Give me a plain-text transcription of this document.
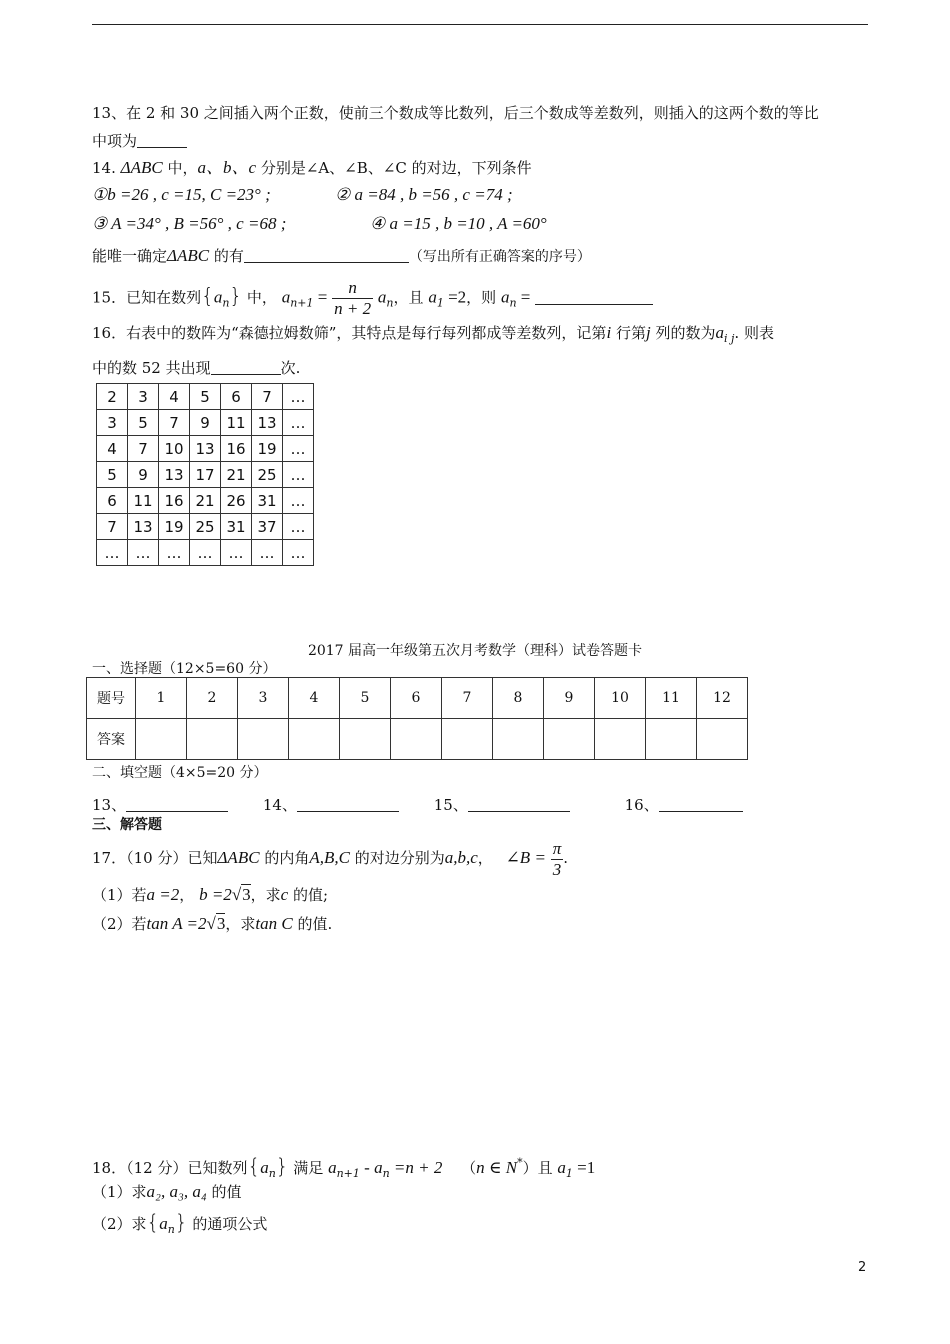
13、在 2 和 30 之间插入两个正数，使前三个数成等比数列，后三个数成等差数列，则插入的这两个数的等比
中项为
14. ΔABC 中，a、b、c 分别是∠A、∠B、∠C 的对边，下列条件
①b =26 , c =15, C =23° ;	② a =84 , b =56 , c =74 ;
③ A =34° , B =56° , c =68 ;	④ a =15 , b =10 , A =60°
能唯一确定ΔABC 的有	（写出所有正确答案的序号）
15．已知在数列$\{a_n\}$ 中， $a_{n+1} = \frac{n}{n + 2} a_n$，且 $a_1 =2$，则 $a_n$ =
16．右表中的数阵为“森德拉姆数筛”，其特点是每行每列都成等差数列，记第i 行第j 列的数为$a_{i j}$. 则表
中的数 52 共出现	次.
2	3	4	5	6	7	…
3	5	7	9	11	13	…
4	7	10	13	16	19	…
5	9	13	17	21	25	…
6	11	16	21	26	31	…
7	13	19	25	31	37	…
…	…	…	…	…	…	…
2017 届高一年级第五次月考数学（理科）试卷答题卡
一、选择题（12×5=60 分）
题号	1	2	3	4	5	6	7	8	9	10	11	12
答案												
二、填空题（4×5=20 分）
13、	14、	15、	16、
三、解答题
17．（10 分）已知ΔABC 的内角A,B,C 的对边分别为a,b,c， ∠B = $\frac{\pi}{3}$ .
（1）若a =2， b =2√3，求c 的值;
（2）若tan A =2√3，求tan C 的值.
18．（12 分）已知数列$\{a_n\}$ 满足 $a_{n+1} - a_n =n + 2$ （n ∈ N*）且 $a_1 =1$
（1）求a₂, a₃, a₄ 的值
（2）求$\{a_n\}$ 的通项公式
2
